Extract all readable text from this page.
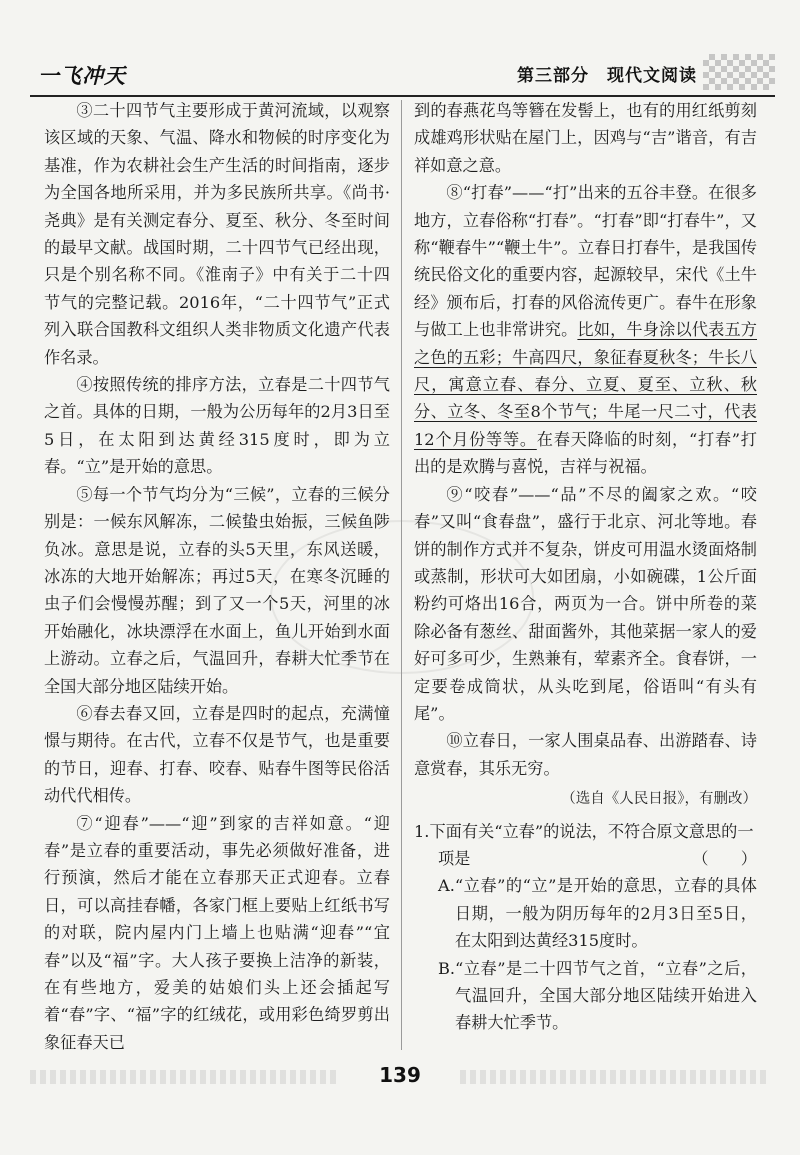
一飞冲天	第三部分　现代文阅读

③二十四节气主要形成于黄河流域，以观察该区域的天象、气温、降水和物候的时序变化为基准，作为农耕社会生产生活的时间指南，逐步为全国各地所采用，并为多民族所共享。《尚书·尧典》是有关测定春分、夏至、秋分、冬至时间的最早文献。战国时期，二十四节气已经出现，只是个别名称不同。《淮南子》中有关于二十四节气的完整记载。2016年，“二十四节气”正式列入联合国教科文组织人类非物质文化遗产代表作名录。

④按照传统的排序方法，立春是二十四节气之首。具体的日期，一般为公历每年的2月3日至5日，在太阳到达黄经315度时，即为立春。“立”是开始的意思。

⑤每一个节气均分为“三候”，立春的三候分别是：一候东风解冻，二候蛰虫始振，三候鱼陟负冰。意思是说，立春的头5天里，东风送暖，冰冻的大地开始解冻；再过5天，在寒冬沉睡的虫子们会慢慢苏醒；到了又一个5天，河里的冰开始融化，冰块漂浮在水面上，鱼儿开始到水面上游动。立春之后，气温回升，春耕大忙季节在全国大部分地区陆续开始。

⑥春去春又回，立春是四时的起点，充满憧憬与期待。在古代，立春不仅是节气，也是重要的节日，迎春、打春、咬春、贴春牛图等民俗活动代代相传。

⑦“迎春”——“迎”到家的吉祥如意。“迎春”是立春的重要活动，事先必须做好准备，进行预演，然后才能在立春那天正式迎春。立春日，可以高挂春幡，各家门框上要贴上红纸书写的对联，院内屋内门上墙上也贴满“迎春”“宜春”以及“福”字。大人孩子要换上洁净的新装，在有些地方，爱美的姑娘们头上还会插起写着“春”字、“福”字的红绒花，或用彩色绮罗剪出象征春天已

到的春燕花鸟等簪在发髻上，也有的用红纸剪刻成雄鸡形状贴在屋门上，因鸡与“吉”谐音，有吉祥如意之意。

⑧“打春”——“打”出来的五谷丰登。在很多地方，立春俗称“打春”。“打春”即“打春牛”，又称“鞭春牛”“鞭土牛”。立春日打春牛，是我国传统民俗文化的重要内容，起源较早，宋代《土牛经》颁布后，打春的风俗流传更广。春牛在形象与做工上也非常讲究。比如，牛身涂以代表五方之色的五彩；牛高四尺，象征春夏秋冬；牛长八尺，寓意立春、春分、立夏、夏至、立秋、秋分、立冬、冬至8个节气；牛尾一尺二寸，代表12个月份等等。在春天降临的时刻，“打春”打出的是欢腾与喜悦，吉祥与祝福。

⑨“咬春”——“品”不尽的阖家之欢。“咬春”又叫“食春盘”，盛行于北京、河北等地。春饼的制作方式并不复杂，饼皮可用温水烫面烙制或蒸制，形状可大如团扇，小如碗碟，1公斤面粉约可烙出16合，两页为一合。饼中所卷的菜除必备有葱丝、甜面酱外，其他菜据一家人的爱好可多可少，生熟兼有，荤素齐全。食春饼，一定要卷成筒状，从头吃到尾，俗语叫“有头有尾”。

⑩立春日，一家人围桌品春、出游踏春、诗意赏春，其乐无穷。

（选自《人民日报》，有删改）

1.下面有关“立春”的说法，不符合原文意思的一
项是	（　　）
A. “立春”的“立”是开始的意思，立春的具体日期，一般为阴历每年的2月3日至5日，在太阳到达黄经315度时。
B. “立春”是二十四节气之首，“立春”之后，气温回升，全国大部分地区陆续开始进入春耕大忙季节。
139
